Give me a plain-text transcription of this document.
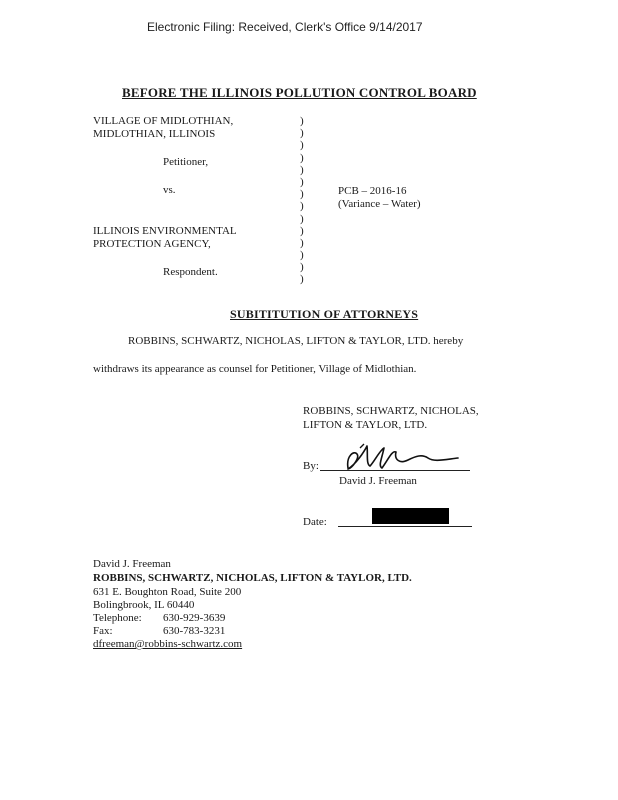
Electronic Filing: Received, Clerk's Office 9/14/2017
BEFORE THE ILLINOIS POLLUTION CONTROL BOARD
VILLAGE OF MIDLOTHIAN,
MIDLOTHIAN, ILLINOIS
Petitioner,
vs.
ILLINOIS ENVIRONMENTAL
PROTECTION AGENCY,
Respondent.
)
)
)
)
)
)
)
)
)
)
)
)
)
)
PCB – 2016-16
(Variance – Water)
SUBITITUTION OF ATTORNEYS
ROBBINS, SCHWARTZ, NICHOLAS, LIFTON & TAYLOR, LTD. hereby
withdraws its appearance as counsel for Petitioner, Village of Midlothian.
ROBBINS, SCHWARTZ, NICHOLAS,
LIFTON & TAYLOR, LTD.
By:
David J. Freeman
Date:
David J. Freeman
ROBBINS, SCHWARTZ, NICHOLAS, LIFTON & TAYLOR, LTD.
631 E. Boughton Road, Suite 200
Bolingbrook, IL 60440
Telephone: 630-929-3639
Fax:	630-783-3231
dfreeman@robbins-schwartz.com
